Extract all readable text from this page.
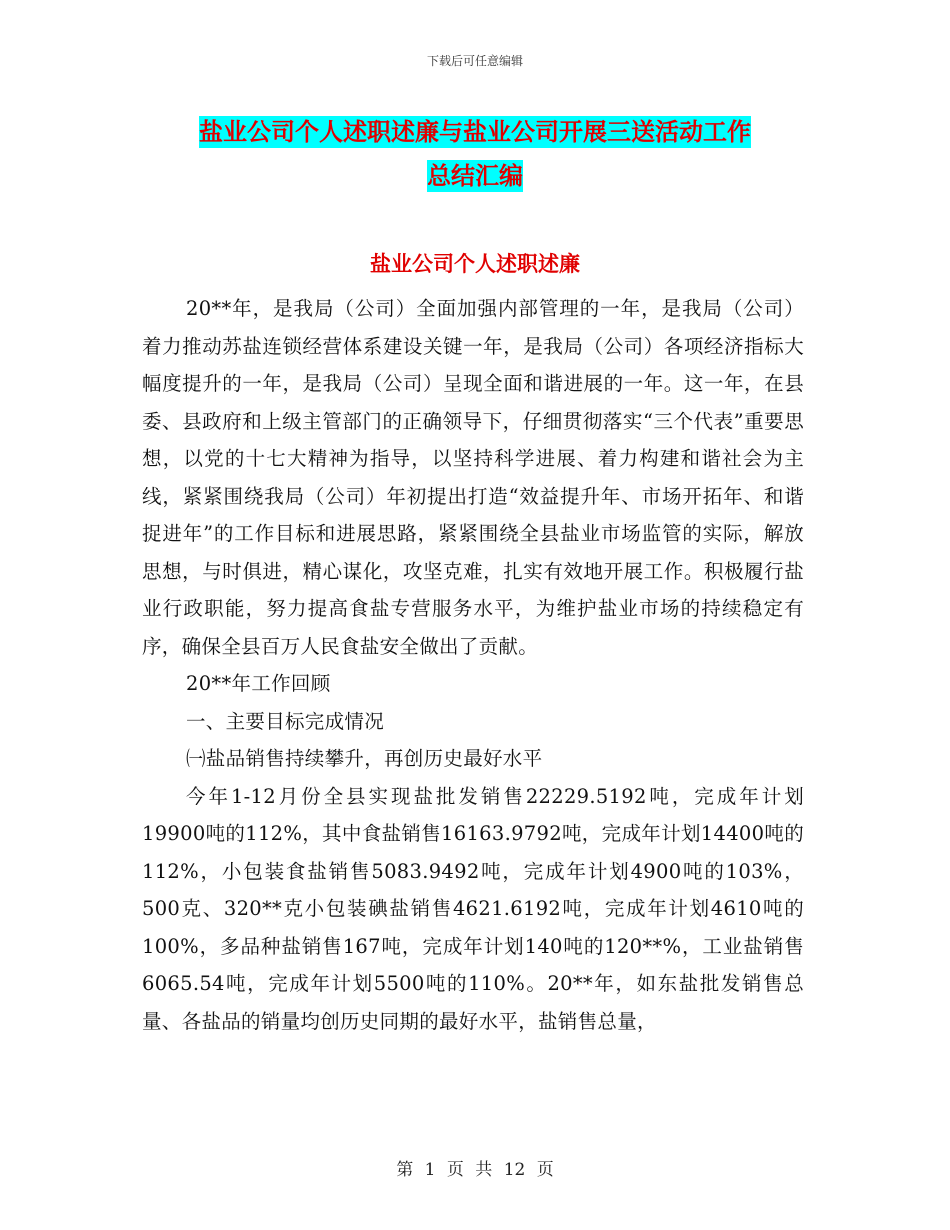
下载后可任意编辑
盐业公司个人述职述廉与盐业公司开展三送活动工作
总结汇编
盐业公司个人述职述廉

20**年，是我局（公司）全面加强内部管理的一年，是我局（公司）着力推动苏盐连锁经营体系建设关键一年，是我局（公司）各项经济指标大幅度提升的一年，是我局（公司）呈现全面和谐进展的一年。这一年，在县委、县政府和上级主管部门的正确领导下，仔细贯彻落实“三个代表”重要思想，以党的十七大精神为指导，以坚持科学进展、着力构建和谐社会为主线，紧紧围绕我局（公司）年初提出打造“效益提升年、市场开拓年、和谐捉进年”的工作目标和进展思路，紧紧围绕全县盐业市场监管的实际，解放思想，与时俱进，精心谋化，攻坚克难，扎实有效地开展工作。积极履行盐业行政职能，努力提高食盐专营服务水平，为维护盐业市场的持续稳定有序，确保全县百万人民食盐安全做出了贡献。

20**年工作回顾

一、主要目标完成情况

㈠盐品销售持续攀升，再创历史最好水平

今年1-12月份全县实现盐批发销售22229.5192吨，完成年计划19900吨的112%，其中食盐销售16163.9792吨，完成年计划14400吨的112%，小包装食盐销售5083.9492吨，完成年计划4900吨的103%，500克、320**克小包装碘盐销售4621.6192吨，完成年计划4610吨的100%，多品种盐销售167吨，完成年计划140吨的120**%，工业盐销售6065.54吨，完成年计划5500吨的110%。20**年，如东盐批发销售总量、各盐品的销量均创历史同期的最好水平，盐销售总量，

第 1 页 共 12 页
